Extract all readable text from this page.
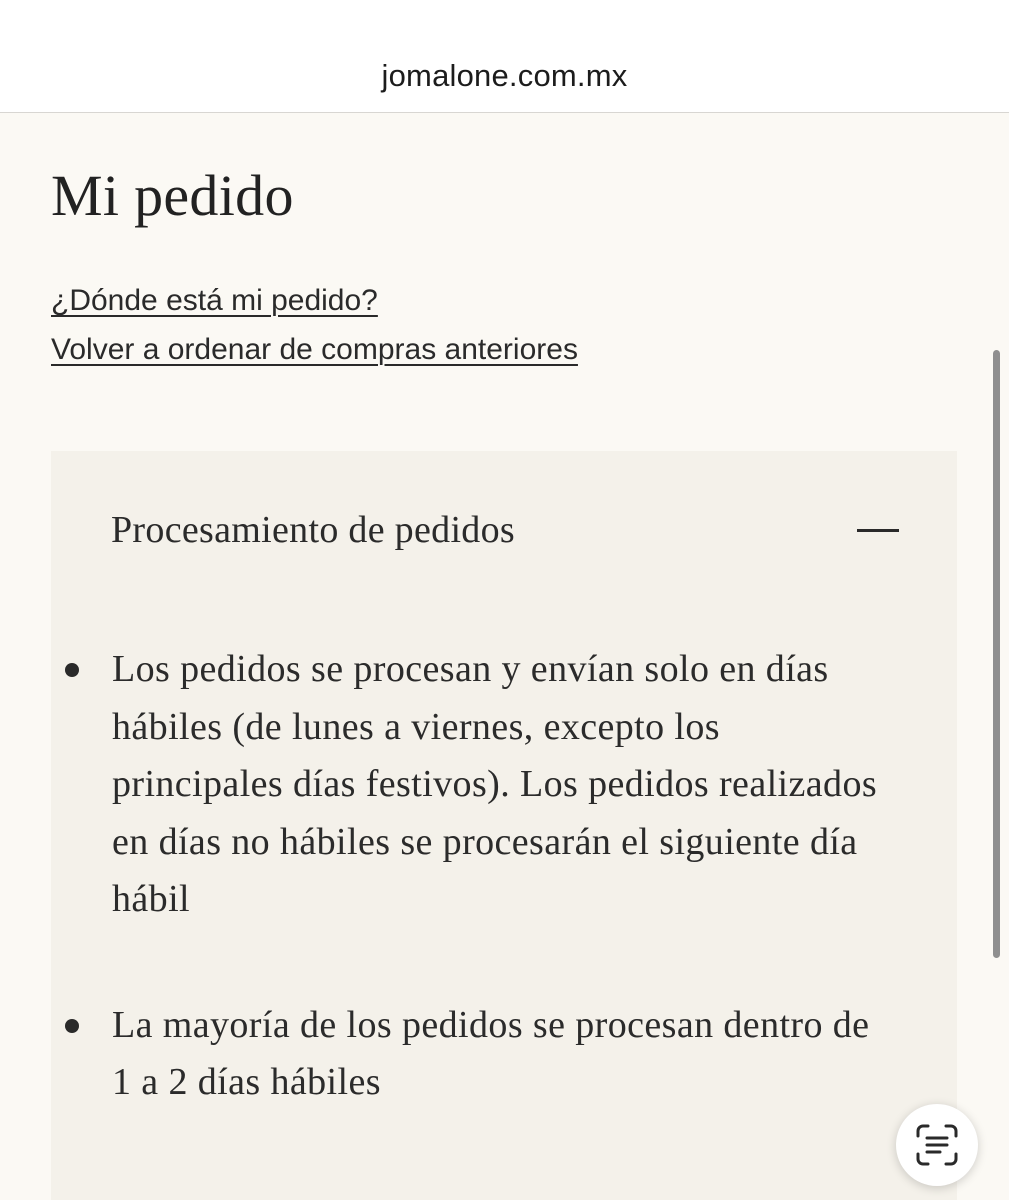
jomalone.com.mx
Mi pedido
¿Dónde está mi pedido?
Volver a ordenar de compras anteriores
Procesamiento de pedidos
Los pedidos se procesan y envían solo en días hábiles (de lunes a viernes, excepto los principales días festivos). Los pedidos realizados en días no hábiles se procesarán el siguiente día hábil
La mayoría de los pedidos se procesan dentro de 1 a 2 días hábiles
